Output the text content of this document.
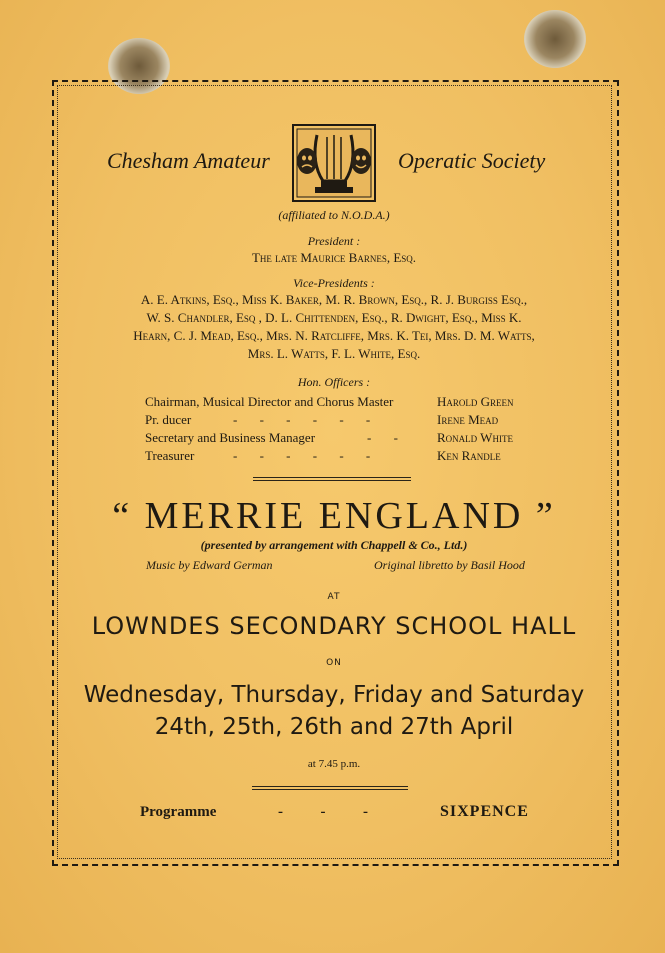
Chesham Amateur	Operatic Society
(affiliated to N.O.D.A.)
President :
The late Maurice Barnes, Esq.
Vice-Presidents :
A. E. Atkins, Esq., Miss K. Baker, M. R. Brown, Esq., R. J. Burgiss Esq.,
W. S. Chandler, Esq , D. L. Chittenden, Esq., R. Dwight, Esq., Miss K.
Hearn, C. J. Mead, Esq., Mrs. N. Ratcliffe, Mrs. K. Tei, Mrs. D. M. Watts,
Mrs. L. Watts, F. L. White, Esq.
Hon. Officers :
Chairman, Musical Director and Chorus Master	Harold Green
Pr. ducer	-     -     -     -     -     -	Irene Mead
Secretary and Business Manager	-     -	Ronald White
Treasurer	-     -     -     -     -     -	Ken Randle
“ MERRIE ENGLAND ”
(presented by arrangement with Chappell & Co., Ltd.)
Music by Edward German	Original libretto by Basil Hood
AT
LOWNDES SECONDARY SCHOOL HALL
ON
Wednesday, Thursday, Friday and Saturday
24th, 25th, 26th and 27th April
at 7.45 p.m.
Programme	-          -          -	SIXPENCE
